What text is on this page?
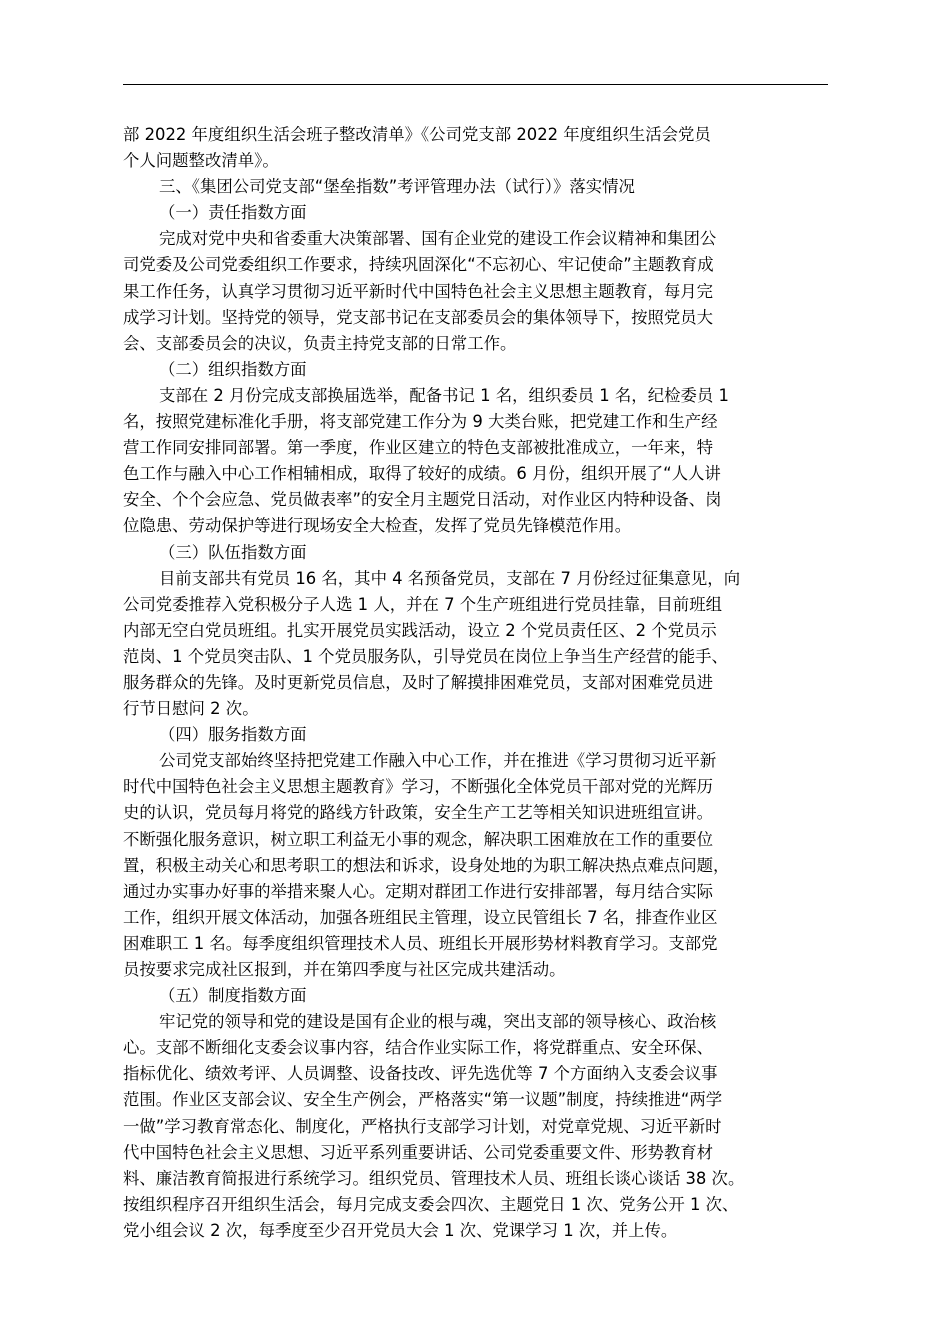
部 2022 年度组织生活会班子整改清单》《公司党支部 2022 年度组织生活会党员
个人问题整改清单》。

三、《集团公司党支部“堡垒指数”考评管理办法（试行）》落实情况

（一）责任指数方面

完成对党中央和省委重大决策部署、国有企业党的建设工作会议精神和集团公
司党委及公司党委组织工作要求，持续巩固深化“不忘初心、牢记使命”主题教育成
果工作任务，认真学习贯彻习近平新时代中国特色社会主义思想主题教育，每月完
成学习计划。坚持党的领导，党支部书记在支部委员会的集体领导下，按照党员大
会、支部委员会的决议，负责主持党支部的日常工作。

（二）组织指数方面

支部在 2 月份完成支部换届选举，配备书记 1 名，组织委员 1 名，纪检委员 1
名，按照党建标准化手册，将支部党建工作分为 9 大类台账，把党建工作和生产经
营工作同安排同部署。第一季度，作业区建立的特色支部被批准成立，一年来，特
色工作与融入中心工作相辅相成，取得了较好的成绩。6 月份，组织开展了“人人讲
安全、个个会应急、党员做表率”的安全月主题党日活动，对作业区内特种设备、岗
位隐患、劳动保护等进行现场安全大检查，发挥了党员先锋模范作用。

（三）队伍指数方面

目前支部共有党员 16 名，其中 4 名预备党员，支部在 7 月份经过征集意见，向
公司党委推荐入党积极分子人选 1 人，并在 7 个生产班组进行党员挂靠，目前班组
内部无空白党员班组。扎实开展党员实践活动，设立 2 个党员责任区、2 个党员示
范岗、1 个党员突击队、1 个党员服务队，引导党员在岗位上争当生产经营的能手、
服务群众的先锋。及时更新党员信息，及时了解摸排困难党员，支部对困难党员进
行节日慰问 2 次。

（四）服务指数方面

公司党支部始终坚持把党建工作融入中心工作，并在推进《学习贯彻习近平新
时代中国特色社会主义思想主题教育》学习，不断强化全体党员干部对党的光辉历
史的认识，党员每月将党的路线方针政策，安全生产工艺等相关知识进班组宣讲。
不断强化服务意识，树立职工利益无小事的观念，解决职工困难放在工作的重要位
置，积极主动关心和思考职工的想法和诉求，设身处地的为职工解决热点难点问题，
通过办实事办好事的举措来聚人心。定期对群团工作进行安排部署，每月结合实际
工作，组织开展文体活动，加强各班组民主管理，设立民管组长 7 名，排查作业区
困难职工 1 名。每季度组织管理技术人员、班组长开展形势材料教育学习。支部党
员按要求完成社区报到，并在第四季度与社区完成共建活动。

（五）制度指数方面

牢记党的领导和党的建设是国有企业的根与魂，突出支部的领导核心、政治核
心。支部不断细化支委会议事内容，结合作业实际工作，将党群重点、安全环保、
指标优化、绩效考评、人员调整、设备技改、评先选优等 7 个方面纳入支委会议事
范围。作业区支部会议、安全生产例会，严格落实“第一议题”制度，持续推进“两学
一做”学习教育常态化、制度化，严格执行支部学习计划，对党章党规、习近平新时
代中国特色社会主义思想、习近平系列重要讲话、公司党委重要文件、形势教育材
料、廉洁教育简报进行系统学习。组织党员、管理技术人员、班组长谈心谈话 38 次。
按组织程序召开组织生活会，每月完成支委会四次、主题党日 1 次、党务公开 1 次、
党小组会议 2 次，每季度至少召开党员大会 1 次、党课学习 1 次，并上传。
